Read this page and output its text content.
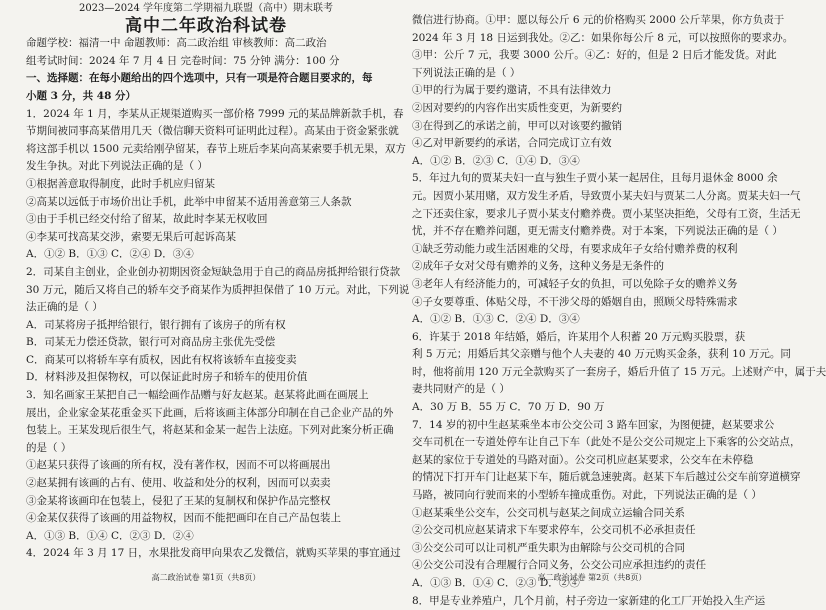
2023—2024 学年度第二学期福九联盟（高中）期末联考

高中二年政治科试卷

命题学校：福清一中 命题教师：高二政治组 审核教师：高二政治

组考试时间：2024 年 7 月 4 日 完卷时间：75 分钟 满分：100 分

一、选择题：在每小题给出的四个选项中，只有一项是符合题目要求的，每

小题 3 分，共 48 分）

1．2024 年 1 月，李某从正规渠道购买一部价格 7999 元的某品牌新款手机，春

节期间被同事高某借用几天（微信聊天资料可证明此过程）。高某由于资金紧张就

将这部手机以 1500 元卖给刚孕留某，春节上班后李某向高某索要手机无果，双方

发生争执。对此下列说法正确的是（ ）

①根据善意取得制度，此时手机应归留某

②高某以远低于市场价出让手机，此举中申留某不适用善意第三人条款

③由于手机已经交付给了留某，故此时李某无权收回

④李某可找高某交涉，索要无果后可起诉高某

A．①② B．①③ C．②④ D．③④

2．司某自主创业，企业创办初期因资金短缺急用于自己的商品房抵押给银行贷款

30 万元，随后又将自己的轿车交予商某作为质押担保借了 10 万元。对此，下列说

法正确的是（ ）

A．司某将房子抵押给银行，银行拥有了该房子的所有权

B．司某无力偿还贷款，银行可对商品房主张优先受偿

C．商某可以将轿车享有质权，因此有权将该轿车直接变卖

D．材料涉及担保物权，可以保证此时房子和轿车的使用价值

3．知名画家王某把自己一幅绘画作品赠与好友赵某。赵某将此画在画展上

展出，企业家金某花重金买下此画，后将该画主体部分印制在自己企业产品的外

包装上。王某发现后很生气，将赵某和金某一起告上法庭。下列对此案分析正确

的是（ ）

①赵某只获得了该画的所有权，没有著作权，因而不可以将画展出

②赵某拥有该画的占有、使用、收益和处分的权利，因而可以卖卖

③金某将该画印在包装上，侵犯了王某的复制权和保护作品完整权

④金某仅获得了该画的用益物权，因而不能把画印在自己产品包装上

A．①③ B．①④ C．②③ D．②④

4．2024 年 3 月 17 日，水果批发商甲向果农乙发微信，就购买苹果的事宜通过

高二政治试卷 第1页（共8页）

微信进行协商。①甲：愿以每公斤 6 元的价格购买 2000 公斤苹果，你方负责于

2024 年 3 月 18 日运到我处。②乙：如果你每公斤 8 元，可以按照你的要求办。

③甲：公斤 7 元，我要 3000 公斤。④乙：好的，但是 2 日后才能发货。对此

下列说法正确的是（ ）

①甲的行为属于要约邀请，不具有法律效力

②因对要约的内容作出实质性变更，为新要约

③在得到乙的承诺之前，甲可以对该要约撤销

④乙对甲新要约的承诺，合同完成订立有效

A．①② B．②③ C．①④ D．③④

5．年过九旬的贾某夫妇一直与独生子贾小某一起居住，且每月退休金 8000 余

元。因贾小某用赌，双方发生矛盾，导致贾小某夫妇与贾某二人分离。贾某夫妇一气

之下还卖住家，要求儿子贾小某支付赡养费。贾小某坚决拒绝，父母有工资，生活无

忧，并不存在赡养问题，更无需支付赡养费。对于本案，下列说法正确的是（ ）

①缺乏劳动能力或生活困难的父母，有要求成年子女给付赡养费的权利

②成年子女对父母有赡养的义务，这种义务是无条件的

③老年人有经济能力的，可减轻子女的负担，可以免除子女的赡养义务

④子女要尊重、体贴父母，不干涉父母的婚姻自由，照顾父母特殊需求

A．①② B．①③ C．②④ D．③④

6．许某于 2018 年结婚，婚后，许某用个人积蓄 20 万元购买股票，获

利 5 万元；用婚后其父亲赠与他个人夫妻的 40 万元购买金条，获利 10 万元。同

时，他将前用 120 万元全款购买了一套房子，婚后升值了 15 万元。上述财产中，属于夫

妻共同财产的是（ ）

A．30 万 B．55 万 C．70 万 D．90 万

7．14 岁的初中生赵某乘坐本市公交公司 3 路车回家，为图便捷，赵某要求公

交车司机在一专道处停车让自己下车（此处不是公交公司规定上下乘客的公交站点，

赵某的家位于专道处的马路对面）。公交司机应赵某要求，公交车在未停稳

的情况下打开车门让赵某下车，随后就急速驶离。赵某下车后越过公交车前穿道横穿

马路，被同向行驶而来的小型轿车撞成重伤。对此，下列说法正确的是（ ）

①赵某乘坐公交车，公交司机与赵某之间成立运输合同关系

②公交司机应赵某请求下车要求停车，公交司机不必承担责任

③公交公司可以让司机严重失职为由解除与公交司机的合同

④公交公司没有合理履行合同义务，公交公司应承担违约的责任

A．①③ B．①④ C．②③ D．②④

8．甲是专业养殖户，几个月前，村子旁边一家新建的化工厂开始投入生产运

高二政治试卷 第2页（共8页）
